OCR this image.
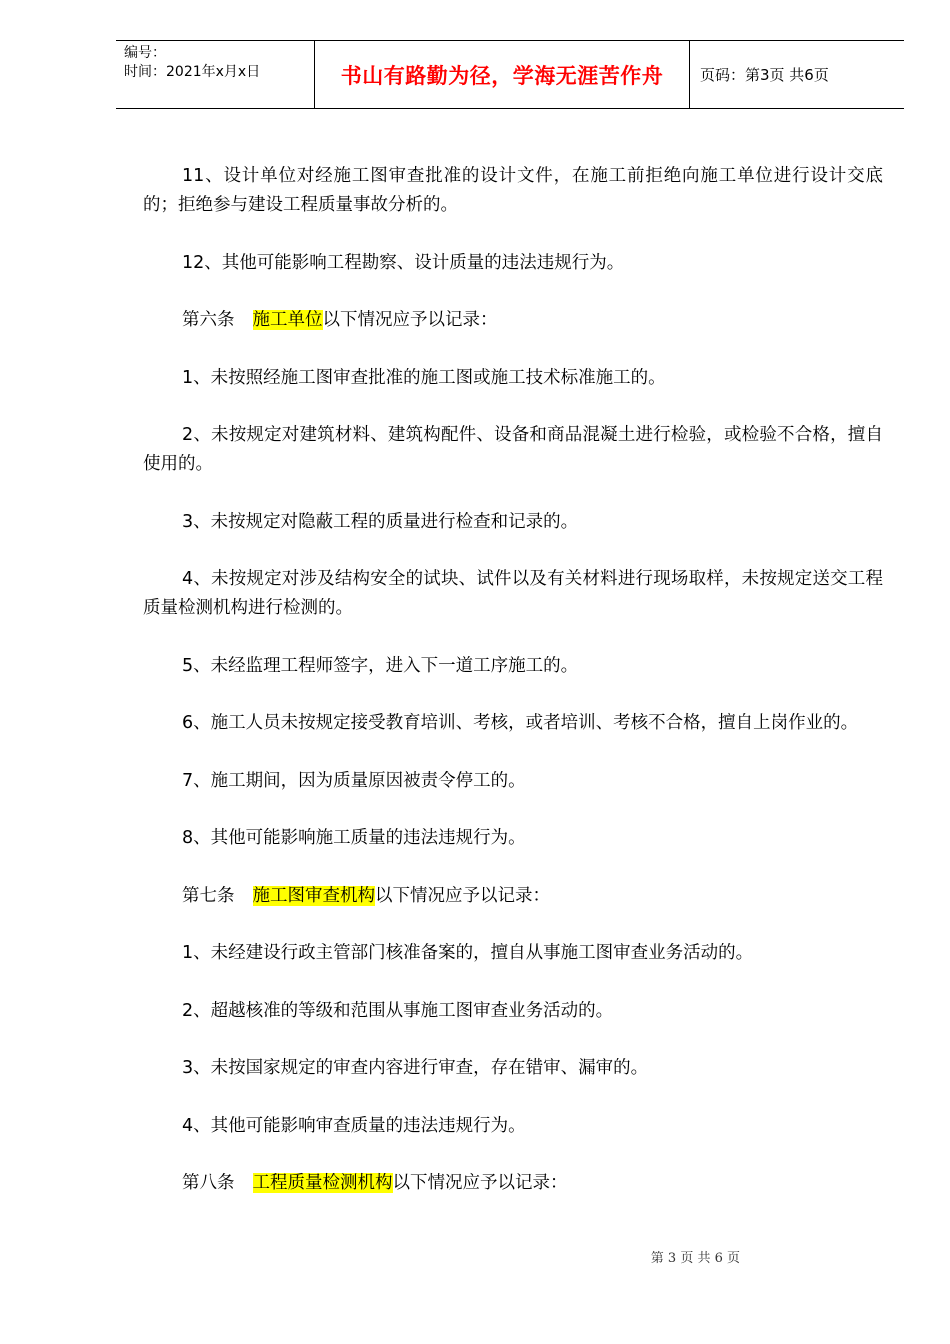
编号：
时间：2021年x月x日	书山有路勤为径，学海无涯苦作舟	页码：第3页 共6页

11、设计单位对经施工图审查批准的设计文件，在施工前拒绝向施工单位进行设计交底的；拒绝参与建设工程质量事故分析的。

12、其他可能影响工程勘察、设计质量的违法违规行为。

第六条 施工单位以下情况应予以记录：

1、未按照经施工图审查批准的施工图或施工技术标准施工的。

2、未按规定对建筑材料、建筑构配件、设备和商品混凝土进行检验，或检验不合格，擅自使用的。

3、未按规定对隐蔽工程的质量进行检查和记录的。

4、未按规定对涉及结构安全的试块、试件以及有关材料进行现场取样，未按规定送交工程质量检测机构进行检测的。

5、未经监理工程师签字，进入下一道工序施工的。

6、施工人员未按规定接受教育培训、考核，或者培训、考核不合格，擅自上岗作业的。

7、施工期间，因为质量原因被责令停工的。

8、其他可能影响施工质量的违法违规行为。

第七条 施工图审查机构以下情况应予以记录：

1、未经建设行政主管部门核准备案的，擅自从事施工图审查业务活动的。

2、超越核准的等级和范围从事施工图审查业务活动的。

3、未按国家规定的审查内容进行审查，存在错审、漏审的。

4、其他可能影响审查质量的违法违规行为。

第八条 工程质量检测机构以下情况应予以记录：

第 3 页 共 6 页
